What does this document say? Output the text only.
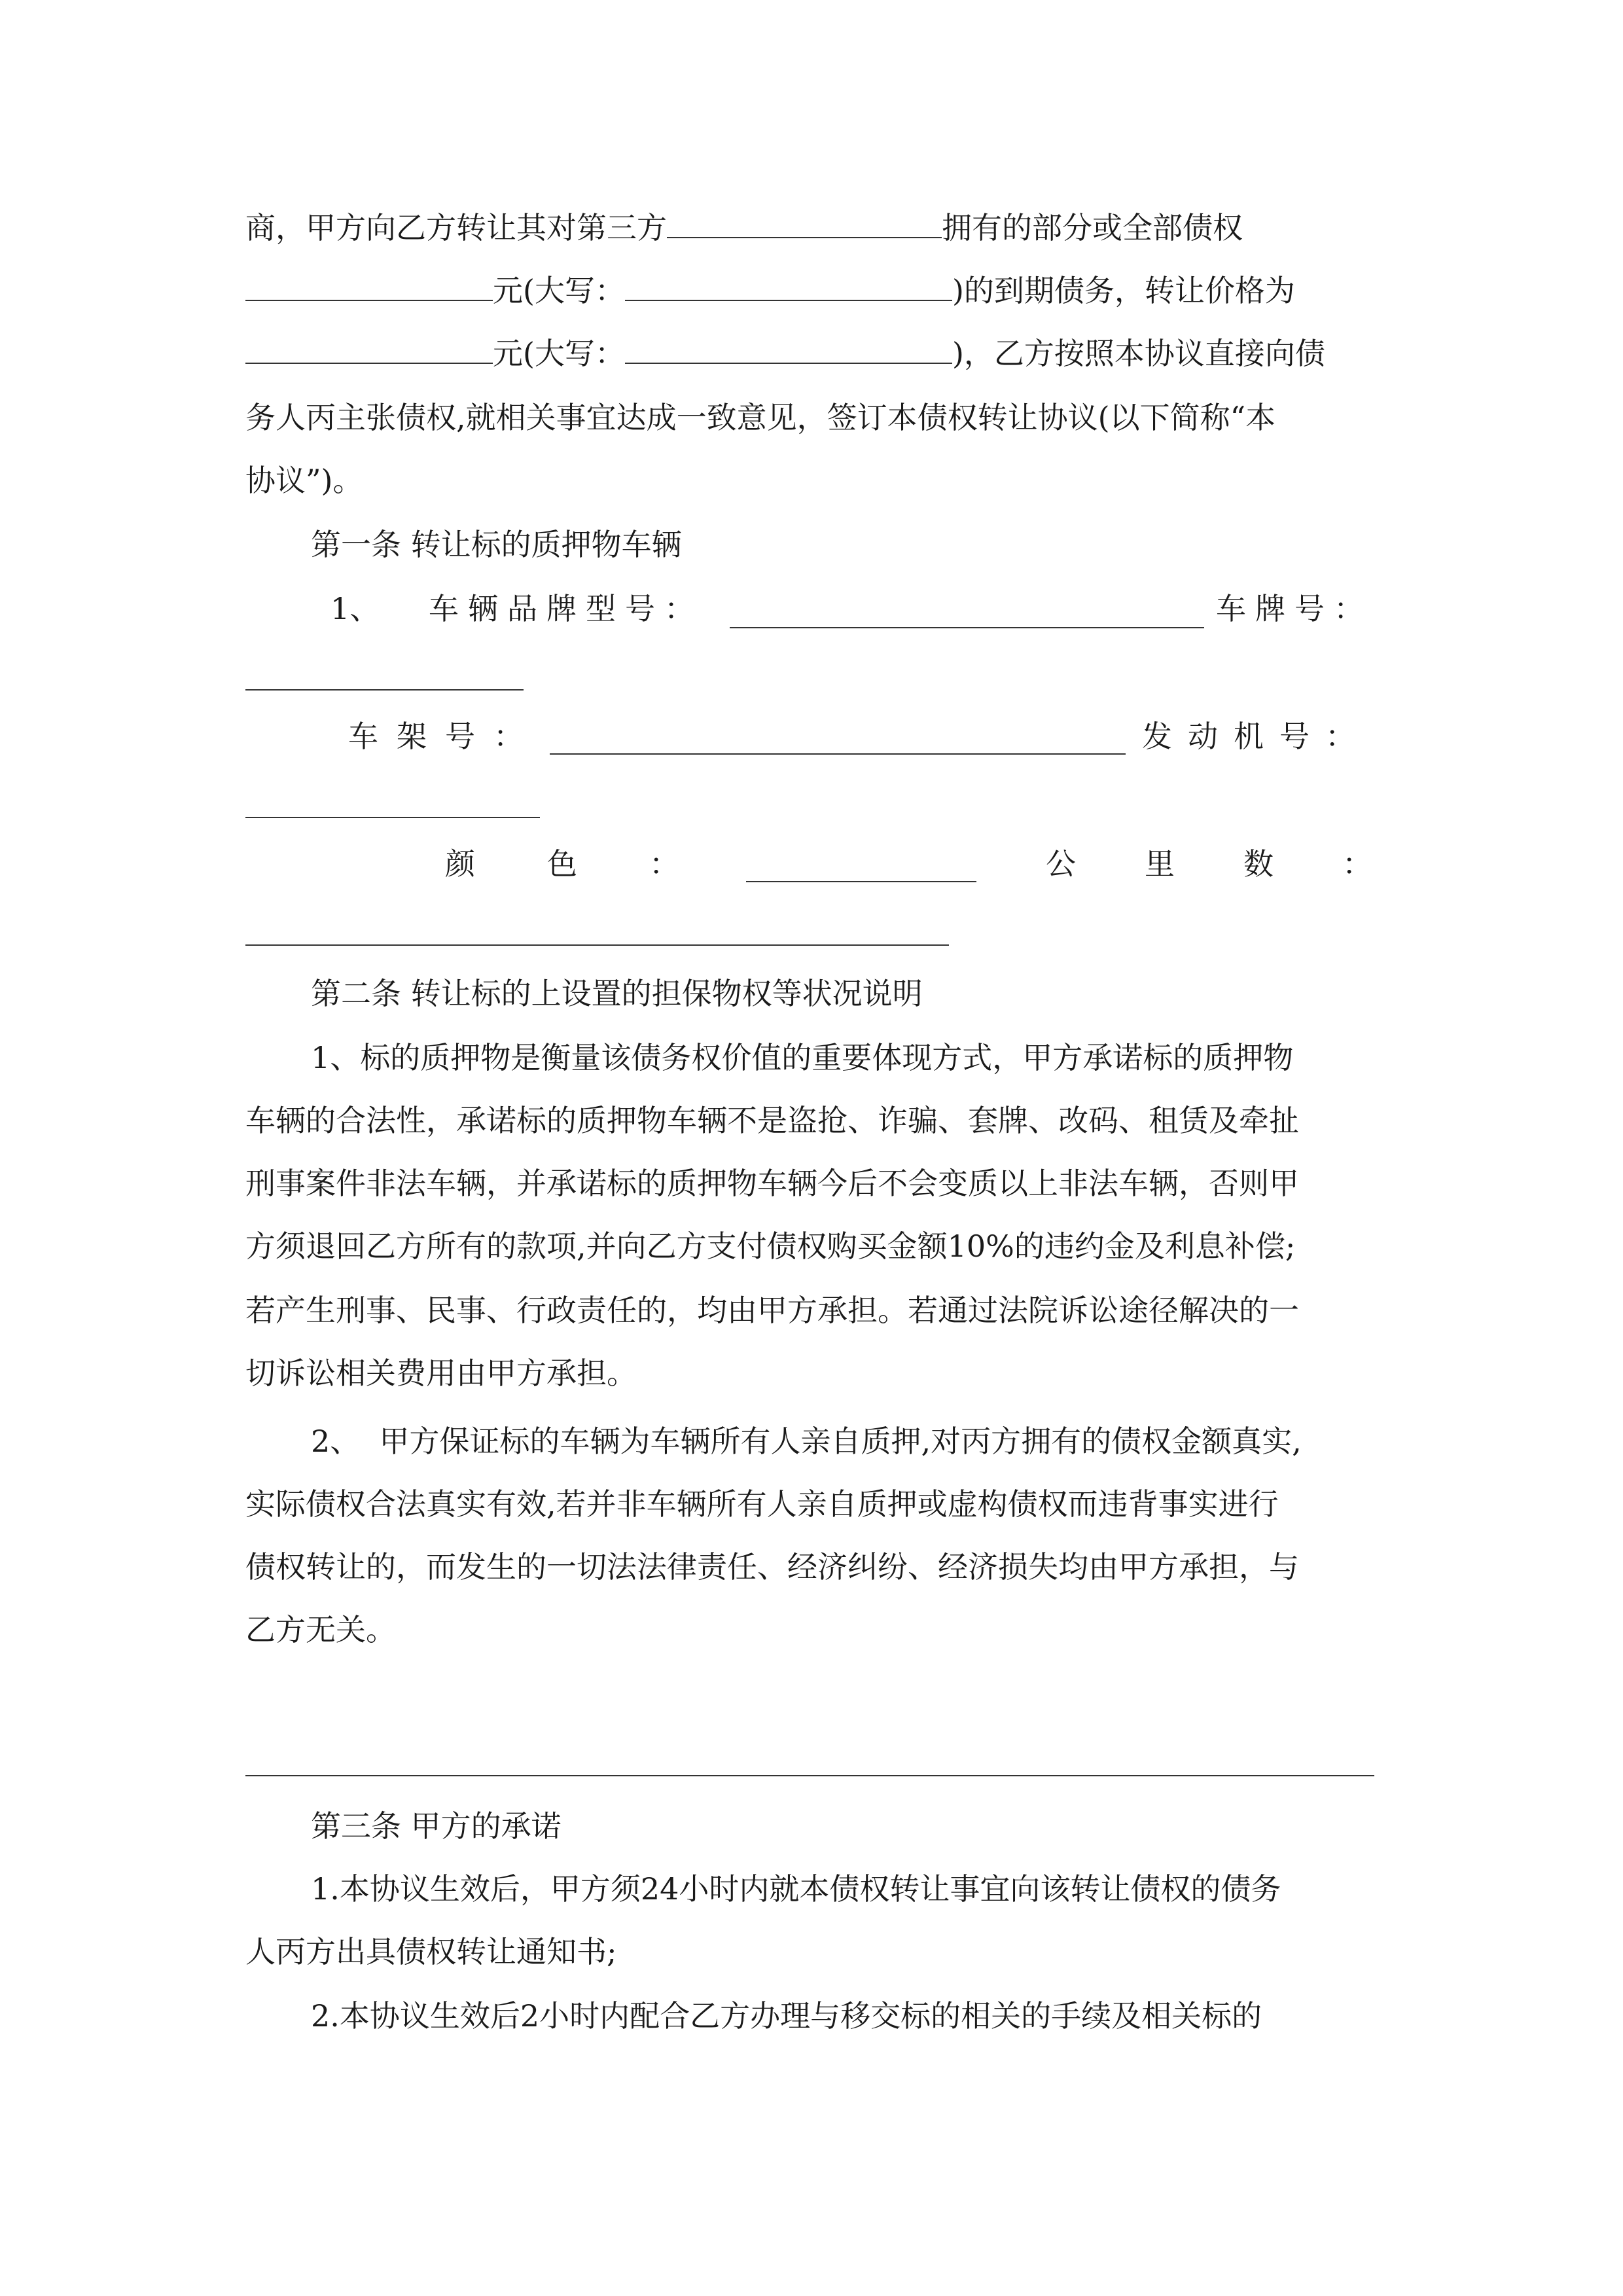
商，甲方向乙方转让其对第三方	拥有的部分或全部债权
元(大写：	)的到期债务，转让价格为
元(大写：	)，乙方按照本协议直接向债
务人丙主张债权,就相关事宜达成一致意见，签订本债权转让协议(以下简称“本
协议”)。
第一条 转让标的质押物车辆
1、 车辆品牌型号：	车牌号：
车架号：	发动机号：
颜色：	公里数：
第二条 转让标的上设置的担保物权等状况说明
1、标的质押物是衡量该债务权价值的重要体现方式，甲方承诺标的质押物
车辆的合法性，承诺标的质押物车辆不是盗抢、诈骗、套牌、改码、租赁及牵扯
刑事案件非法车辆，并承诺标的质押物车辆今后不会变质以上非法车辆，否则甲
方须退回乙方所有的款项,并向乙方支付债权购买金额10%的违约金及利息补偿;
若产生刑事、民事、行政责任的，均由甲方承担。若通过法院诉讼途径解决的一
切诉讼相关费用由甲方承担。
2、  甲方保证标的车辆为车辆所有人亲自质押,对丙方拥有的债权金额真实,
实际债权合法真实有效,若并非车辆所有人亲自质押或虚构债权而违背事实进行
债权转让的，而发生的一切法法律责任、经济纠纷、经济损失均由甲方承担，与
乙方无关。
第三条 甲方的承诺
1.本协议生效后，甲方须24小时内就本债权转让事宜向该转让债权的债务
人丙方出具债权转让通知书;
2.本协议生效后2小时内配合乙方办理与移交标的相关的手续及相关标的
